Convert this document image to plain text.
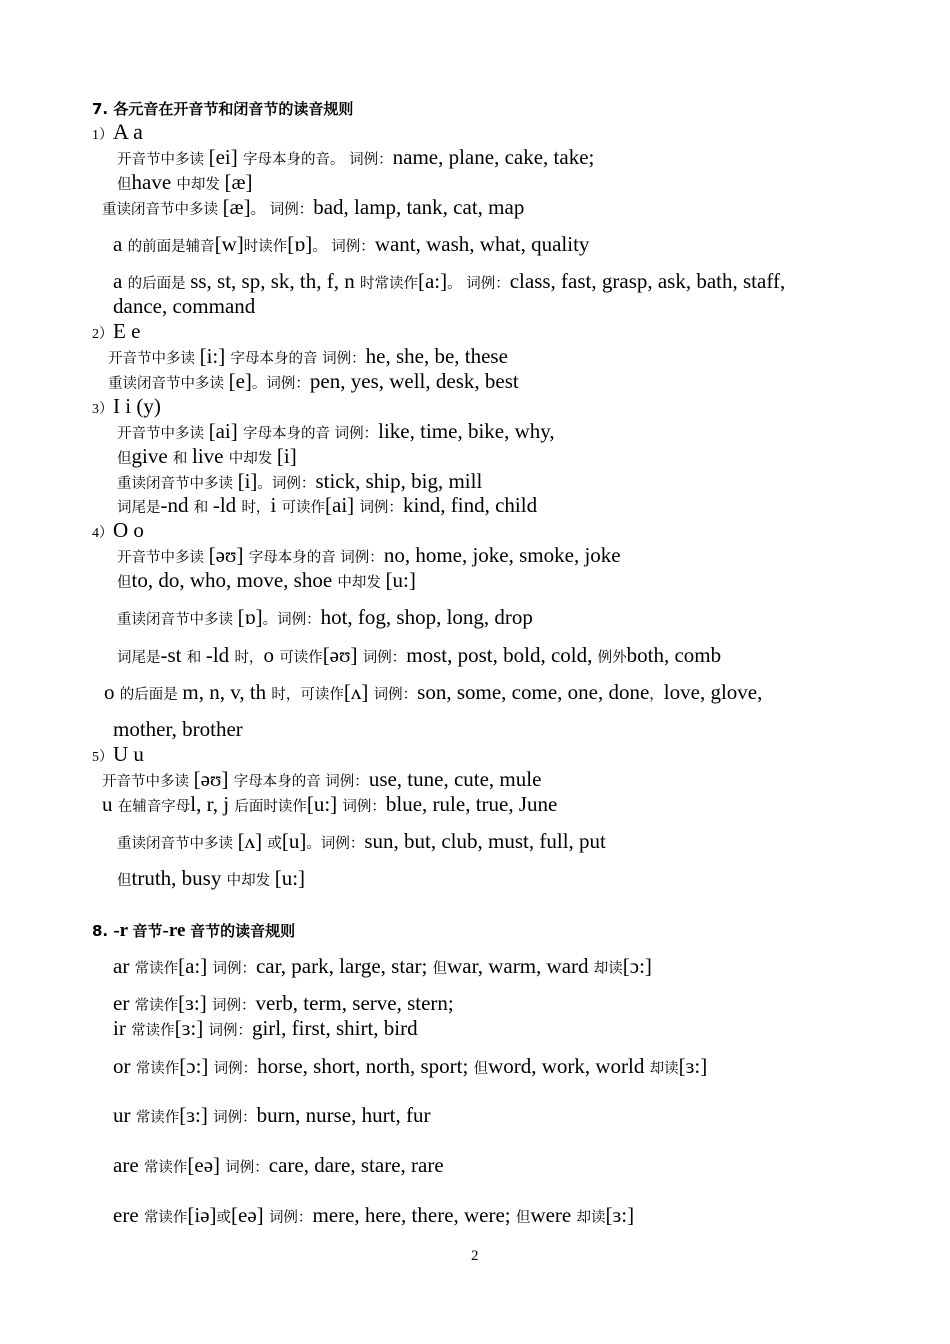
7. 各元音在开音节和闭音节的读音规则
1）A a
开音节中多读 [ei] 字母本身的音。 词例：name, plane, cake, take;
但have 中却发 [æ]
重读闭音节中多读 [æ]。 词例：bad, lamp, tank, cat, map
a 的前面是辅音[w]时读作[ɒ]。 词例：want, wash, what, quality
a 的后面是 ss, st, sp, sk, th, f, n 时常读作[a:]。 词例：class, fast, grasp, ask, bath, staff,
dance, command
2）E e
开音节中多读 [i:] 字母本身的音 词例：he, she, be, these
重读闭音节中多读 [e]。词例：pen, yes, well, desk, best
3）I i (y)
开音节中多读 [ai] 字母本身的音 词例：like, time, bike, why,
但give 和 live 中却发 [i]
重读闭音节中多读 [i]。词例：stick, ship, big, mill
词尾是-nd 和 -ld 时，i 可读作[ai] 词例：kind, find, child
4）O o
开音节中多读 [əʊ] 字母本身的音 词例：no, home, joke, smoke, joke
但to, do, who, move, shoe 中却发 [u:]
重读闭音节中多读 [ɒ]。词例：hot, fog, shop, long, drop
词尾是-st 和 -ld 时，o 可读作[əʊ] 词例：most, post, bold, cold, 例外both, comb
o 的后面是 m, n, v, th 时，可读作[ʌ] 词例：son, some, come, one, done，love, glove,
mother, brother
5）U u
开音节中多读 [əʊ] 字母本身的音 词例：use, tune, cute, mule
u 在辅音字母l, r, j 后面时读作[u:] 词例：blue, rule, true, June
重读闭音节中多读 [ʌ] 或[u]。词例：sun, but, club, must, full, put
但truth, busy 中却发 [u:]
8. -r 音节-re 音节的读音规则
ar 常读作[a:] 词例：car, park, large, star; 但war, warm, ward 却读[ɔ:]
er 常读作[ɜ:] 词例：verb, term, serve, stern;
ir 常读作[ɜ:] 词例：girl, first, shirt, bird
or 常读作[ɔ:] 词例：horse, short, north, sport; 但word, work, world 却读[ɜ:]
ur 常读作[ɜ:] 词例：burn, nurse, hurt, fur
are 常读作[eə] 词例：care, dare, stare, rare
ere 常读作[iə]或[eə] 词例：mere, here, there, were; 但were 却读[ɜ:]
2
